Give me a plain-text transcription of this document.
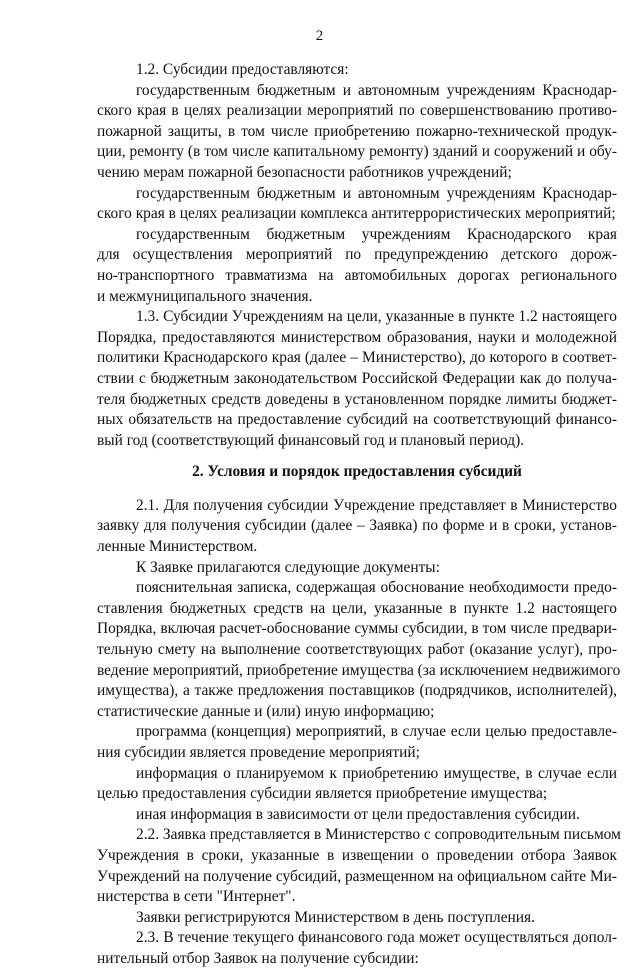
2
1.2. Субсидии предоставляются:
государственным бюджетным и автономным учреждениям Краснодар-
ского края в целях реализации мероприятий по совершенствованию противо-
пожарной защиты, в том числе приобретению пожарно-технической продук-
ции, ремонту (в том числе капитальному ремонту) зданий и сооружений и обу-
чению мерам пожарной безопасности работников учреждений;
государственным бюджетным и автономным учреждениям Краснодар-
ского края в целях реализации комплекса антитеррористических мероприятий;
государственным бюджетным учреждениям Краснодарского края
для осуществления мероприятий по предупреждению детского дорож-
но-транспортного травматизма на автомобильных дорогах регионального
и межмуниципального значения.
1.3. Субсидии Учреждениям на цели, указанные в пункте 1.2 настоящего
Порядка, предоставляются министерством образования, науки и молодежной
политики Краснодарского края (далее – Министерство), до которого в соответ-
ствии с бюджетным законодательством Российской Федерации как до получа-
теля бюджетных средств доведены в установленном порядке лимиты бюджет-
ных обязательств на предоставление субсидий на соответствующий финансо-
вый год (соответствующий финансовый год и плановый период).
2. Условия и порядок предоставления субсидий
2.1. Для получения субсидии Учреждение представляет в Министерство
заявку для получения субсидии (далее – Заявка) по форме и в сроки, установ-
ленные Министерством.
К Заявке прилагаются следующие документы:
пояснительная записка, содержащая обоснование необходимости предо-
ставления бюджетных средств на цели, указанные в пункте 1.2 настоящего
Порядка, включая расчет-обоснование суммы субсидии, в том числе предвари-
тельную смету на выполнение соответствующих работ (оказание услуг), про-
ведение мероприятий, приобретение имущества (за исключением недвижимого
имущества), а также предложения поставщиков (подрядчиков, исполнителей),
статистические данные и (или) иную информацию;
программа (концепция) мероприятий, в случае если целью предоставле-
ния субсидии является проведение мероприятий;
информация о планируемом к приобретению имуществе, в случае если
целью предоставления субсидии является приобретение имущества;
иная информация в зависимости от цели предоставления субсидии.
2.2. Заявка представляется в Министерство с сопроводительным письмом
Учреждения в сроки, указанные в извещении о проведении отбора Заявок
Учреждений на получение субсидий, размещенном на официальном сайте Ми-
нистерства в сети "Интернет".
Заявки регистрируются Министерством в день поступления.
2.3. В течение текущего финансового года может осуществляться допол-
нительный отбор Заявок на получение субсидии:
